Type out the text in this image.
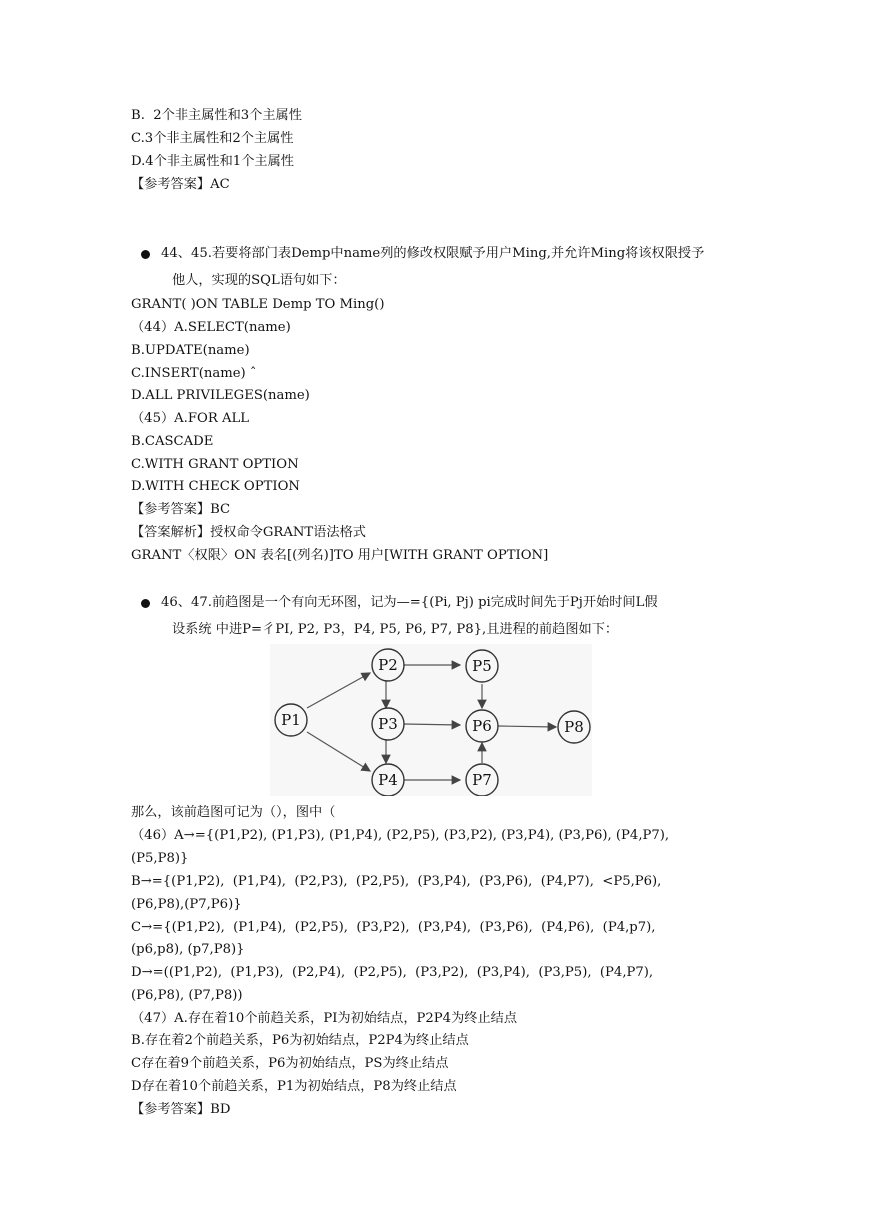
B.  2个非主属性和3个主属性
C.3个非主属性和2个主属性
D.4个非主属性和1个主属性
【参考答案】AC
44、45.若要将部门表Demp中name列的修改权限赋予用户Ming,并允许Ming将该权限授予
他人，实现的SQL语句如下：
GRANT( )ON TABLE Demp TO Ming()
（44）A.SELECT(name)
B.UPDATE(name)
C.INSERT(name) ˆ
D.ALL PRIVILEGES(name)
（45）A.FOR ALL
B.CASCADE
C.WITH GRANT OPTION
D.WITH CHECK OPTION
【参考答案】BC
【答案解析】授权命令GRANT语法格式
GRANT〈权限〉ON 表名[(列名)]TO 用户[WITH GRANT OPTION]
46、47.前趋图是一个有向无环图，记为—={(Pi, Pj) pi完成时间先于Pj开始时间L假
设系统 中进P=彳PI, P2, P3，P4, P5, P6, P7, P8},且进程的前趋图如下：
P1
P2
P3
P4
P5
P6
P7
P8
那么，该前趋图可记为（），图中（
（46）A→={(P1,P2), (P1,P3), (P1,P4), (P2,P5), (P3,P2), (P3,P4), (P3,P6), (P4,P7),
(P5,P8)}
B→={(P1,P2),  (P1,P4),  (P2,P3),  (P2,P5),  (P3,P4),  (P3,P6),  (P4,P7),  <P5,P6),
(P6,P8),(P7,P6)}
C→={(P1,P2),  (P1,P4),  (P2,P5),  (P3,P2),  (P3,P4),  (P3,P6),  (P4,P6),  (P4,p7),
(p6,p8), (p7,P8)}
D→=((P1,P2),  (P1,P3),  (P2,P4),  (P2,P5),  (P3,P2),  (P3,P4),  (P3,P5),  (P4,P7),
(P6,P8), (P7,P8))
（47）A.存在着10个前趋关系，PI为初始结点，P2P4为终止结点
B.存在着2个前趋关系，P6为初始结点，P2P4为终止结点
C存在着9个前趋关系，P6为初始结点，PS为终止结点
D存在着10个前趋关系，P1为初始结点，P8为终止结点
【参考答案】BD
